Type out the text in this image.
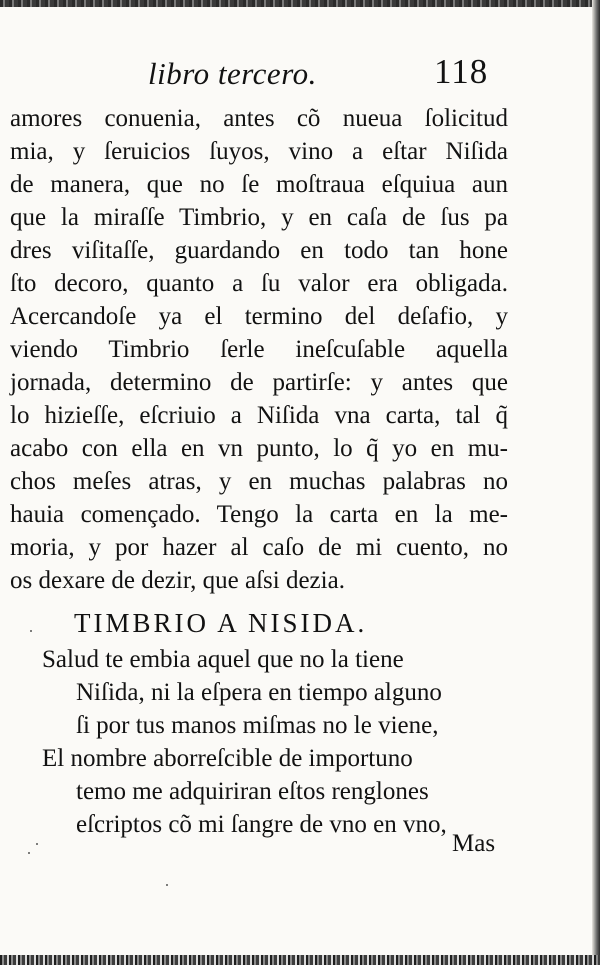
libro tercero.	118
amores conuenia, antes cõ nueua ſolicitud
mia, y ſeruicios ſuyos, vino a eſtar Niſida
de manera, que no ſe moſtraua eſquiua aun
que la miraſſe Timbrio, y en caſa de ſus pa
dres viſitaſſe, guardando en todo tan hone
ſto decoro, quanto a ſu valor era obligada.
Acercandoſe ya el termino del deſafio, y
viendo Timbrio ſerle ineſcuſable aquella
jornada, determino de partirſe: y antes que
lo hizieſſe, eſcriuio a Niſida vna carta, tal q̃
acabo con ella en vn punto, lo q̃ yo en mu-
chos meſes atras, y en muchas palabras no
hauia començado. Tengo la carta en la me-
moria, y por hazer al caſo de mi cuento, no
os dexare de dezir, que aſsi dezia.
TIMBRIO A NISIDA.
Salud te embia aquel que no la tiene
Niſida, ni la eſpera en tiempo alguno
ſi por tus manos miſmas no le viene,
El nombre aborreſcible de importuno
temo me adquiriran eſtos renglones
eſcriptos cõ mi ſangre de vno en vno,
Mas
